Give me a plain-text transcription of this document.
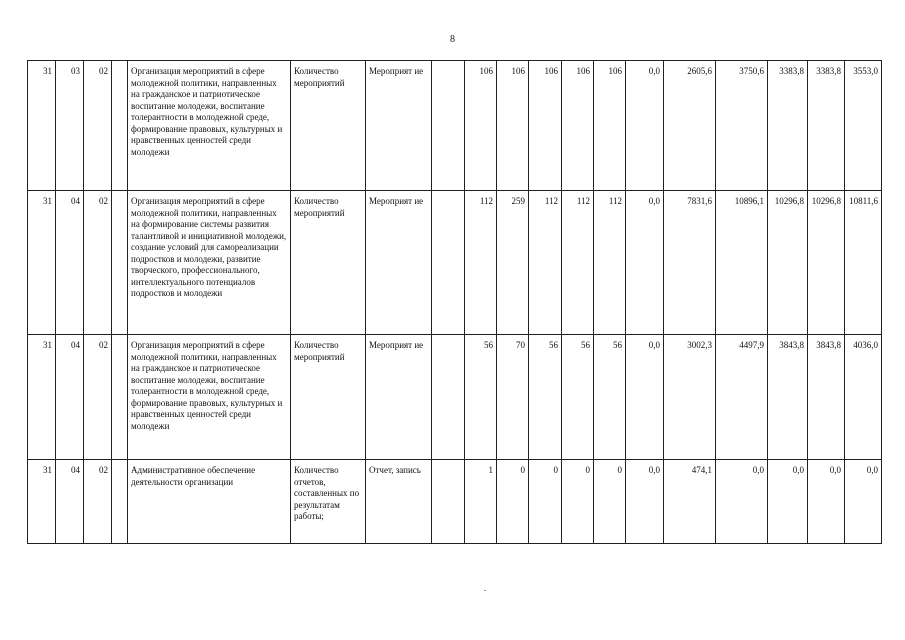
8
31	03	02		Организация мероприятий в сфере молодежной политики, направленных на гражданское и патриотическое воспитание молодежи, воспитание толерантности в молодежной среде, формирование правовых, культурных и нравственных ценностей среди молодежи	Количество мероприятий	Мероприят ие		106	106	106	106	106	0,0	2605,6	3750,6	3383,8	3383,8	3553,0
31	04	02		Организация мероприятий в сфере молодежной политики, направленных на формирование системы развития талантливой и инициативной молодежи, создание условий для самореализации подростков и молодежи, развитие творческого, профессионального, интеллектуального потенциалов подростков и молодежи	Количество мероприятий	Мероприят ие		112	259	112	112	112	0,0	7831,6	10896,1	10296,8	10296,8	10811,6
31	04	02		Организация мероприятий в сфере молодежной политики, направленных на гражданское и патриотическое воспитание молодежи, воспитание толерантности в молодежной среде, формирование правовых, культурных и нравственных ценностей среди молодежи	Количество мероприятий	Мероприят ие		56	70	56	56	56	0,0	3002,3	4497,9	3843,8	3843,8	4036,0
31	04	02		Административное обеспечение деятельности организации	Количество отчетов, составленных по результатам работы;	Отчет, запись		1	0	0	0	0	0,0	474,1	0,0	0,0	0,0	0,0
